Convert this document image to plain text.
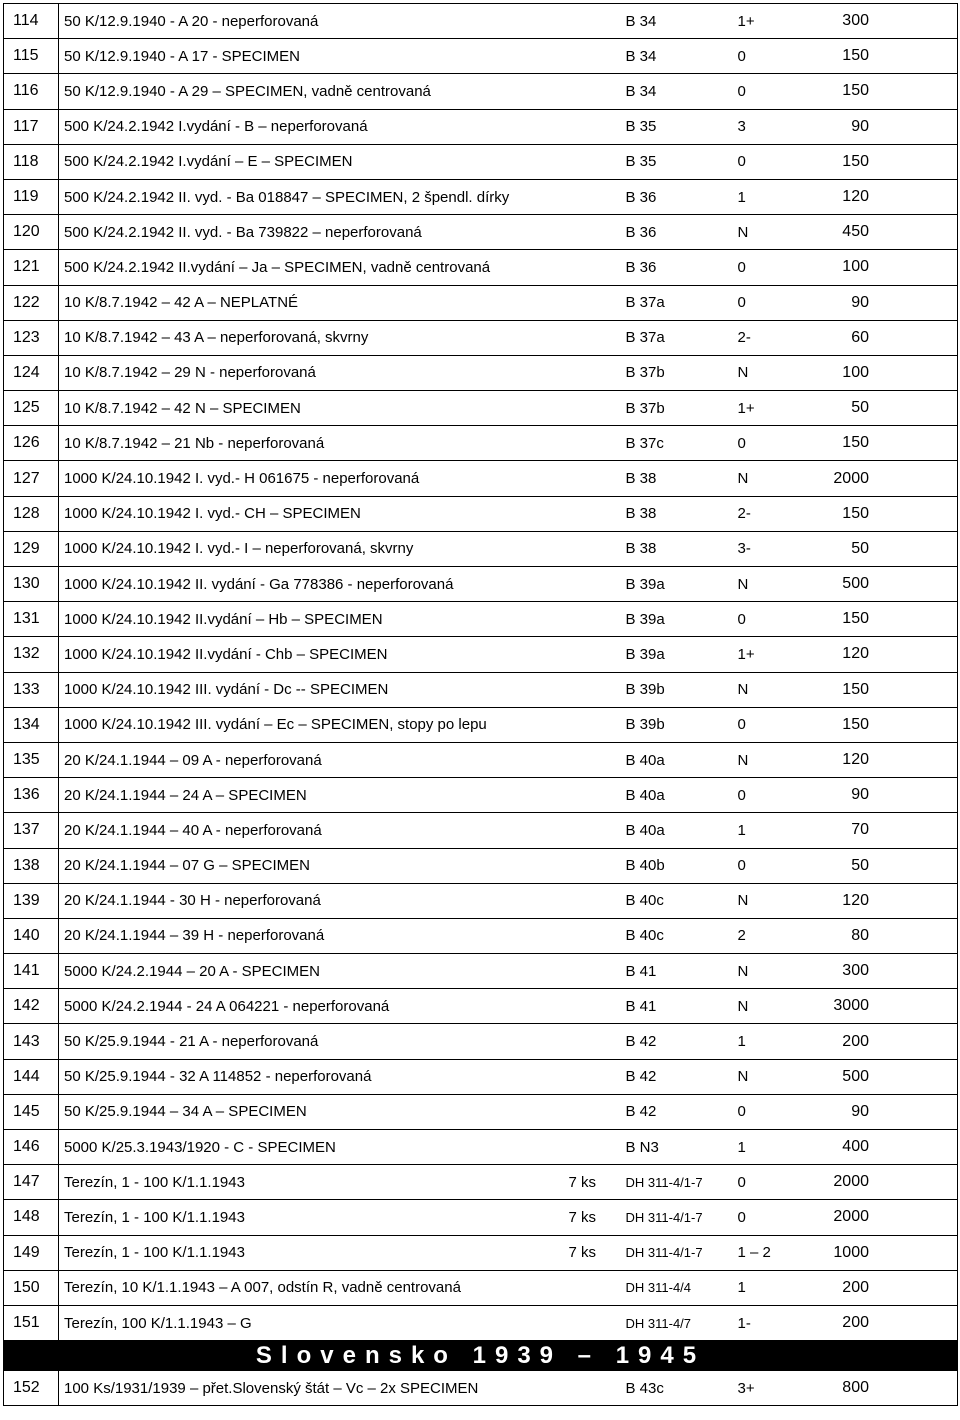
114	50 K/12.9.1940 - A 20 - neperforovaná		B 34	1+	300
115	50 K/12.9.1940 - A 17 - SPECIMEN		B 34	0	150
116	50 K/12.9.1940 - A 29 – SPECIMEN, vadně centrovaná		B 34	0	150
117	500 K/24.2.1942 I.vydání - B – neperforovaná		B 35	3	90
118	500 K/24.2.1942 I.vydání – E – SPECIMEN		B 35	0	150
119	500 K/24.2.1942 II. vyd. - Ba 018847 – SPECIMEN, 2 špendl. dírky		B 36	1	120
120	500 K/24.2.1942 II. vyd. - Ba 739822 – neperforovaná		B 36	N	450
121	500 K/24.2.1942 II.vydání – Ja – SPECIMEN, vadně centrovaná		B 36	0	100
122	10 K/8.7.1942 – 42 A – NEPLATNÉ		B 37a	0	90
123	10 K/8.7.1942 – 43 A – neperforovaná, skvrny		B 37a	2-	60
124	10 K/8.7.1942 – 29 N - neperforovaná		B 37b	N	100
125	10 K/8.7.1942 – 42 N – SPECIMEN		B 37b	1+	50
126	10 K/8.7.1942 – 21 Nb - neperforovaná		B 37c	0	150
127	1000 K/24.10.1942 I. vyd.- H 061675 - neperforovaná		B 38	N	2000
128	1000 K/24.10.1942 I. vyd.- CH – SPECIMEN		B 38	2-	150
129	1000 K/24.10.1942 I. vyd.- I – neperforovaná, skvrny		B 38	3-	50
130	1000 K/24.10.1942 II. vydání - Ga 778386 - neperforovaná		B 39a	N	500
131	1000 K/24.10.1942 II.vydání – Hb – SPECIMEN		B 39a	0	150
132	1000 K/24.10.1942 II.vydání - Chb – SPECIMEN		B 39a	1+	120
133	1000 K/24.10.1942 III. vydání - Dc -- SPECIMEN		B 39b	N	150
134	1000 K/24.10.1942 III. vydání – Ec – SPECIMEN, stopy po lepu		B 39b	0	150
135	20 K/24.1.1944 – 09 A - neperforovaná		B 40a	N	120
136	20 K/24.1.1944 – 24 A – SPECIMEN		B 40a	0	90
137	20 K/24.1.1944 – 40 A - neperforovaná		B 40a	1	70
138	20 K/24.1.1944 – 07 G – SPECIMEN		B 40b	0	50
139	20 K/24.1.1944 - 30 H - neperforovaná		B 40c	N	120
140	20 K/24.1.1944 – 39 H - neperforovaná		B 40c	2	80
141	5000 K/24.2.1944 – 20 A - SPECIMEN		B 41	N	300
142	5000 K/24.2.1944 - 24 A 064221 - neperforovaná		B 41	N	3000
143	50 K/25.9.1944 - 21 A - neperforovaná		B 42	1	200
144	50 K/25.9.1944 - 32 A 114852 - neperforovaná		B 42	N	500
145	50 K/25.9.1944 – 34 A – SPECIMEN		B 42	0	90
146	5000 K/25.3.1943/1920 - C - SPECIMEN		B N3	1	400
147	Terezín, 1 - 100 K/1.1.1943	7 ks	DH 311-4/1-7	0	2000
148	Terezín, 1 - 100 K/1.1.1943	7 ks	DH 311-4/1-7	0	2000
149	Terezín, 1 - 100 K/1.1.1943	7 ks	DH 311-4/1-7	1 – 2	1000
150	Terezín, 10 K/1.1.1943 – A 007, odstín R, vadně centrovaná		DH 311-4/4	1	200
151	Terezín, 100 K/1.1.1943 – G		DH 311-4/7	1-	200
Slovensko 1939 – 1945					
152	100 Ks/1931/1939 – přet.Slovenský štát – Vc – 2x SPECIMEN		B 43c	3+	800
